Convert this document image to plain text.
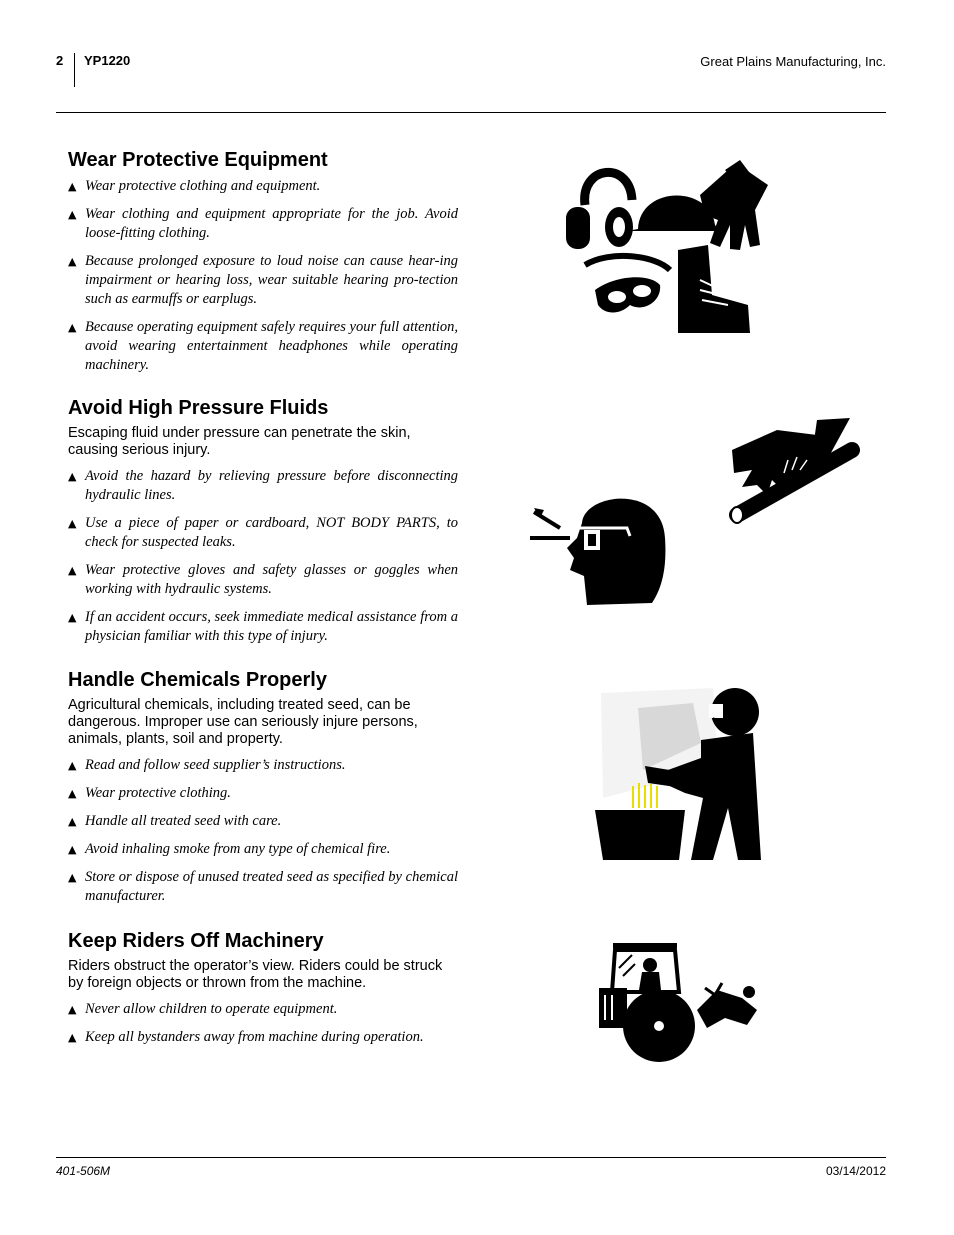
2 YP1220	Great Plains Manufacturing, Inc.
Wear Protective Equipment
▲ Wear protective clothing and equipment.
▲ Wear clothing and equipment appropriate for the job. Avoid loose-fitting clothing.
▲ Because prolonged exposure to loud noise can cause hear-ing impairment or hearing loss, wear suitable hearing pro-tection such as earmuffs or earplugs.
▲ Because operating equipment safely requires your full attention, avoid wearing entertainment headphones while operating machinery.
Avoid High Pressure Fluids

Escaping fluid under pressure can penetrate the skin, causing serious injury.

▲ Avoid the hazard by relieving pressure before disconnecting hydraulic lines.
▲ Use a piece of paper or cardboard, NOT BODY PARTS, to check for suspected leaks.
▲ Wear protective gloves and safety glasses or goggles when working with hydraulic systems.
▲ If an accident occurs, seek immediate medical assistance from a physician familiar with this type of injury.
Handle Chemicals Properly

Agricultural chemicals, including treated seed, can be dangerous. Improper use can seriously injure persons, animals, plants, soil and property.

▲ Read and follow seed supplier’s instructions.
▲ Wear protective clothing.
▲ Handle all treated seed with care.
▲ Avoid inhaling smoke from any type of chemical fire.
▲ Store or dispose of unused treated seed as specified by chemical manufacturer.
Keep Riders Off Machinery

Riders obstruct the operator’s view. Riders could be struck by foreign objects or thrown from the machine.

▲ Never allow children to operate equipment.
▲ Keep all bystanders away from machine during operation.
401-506M	03/14/2012
